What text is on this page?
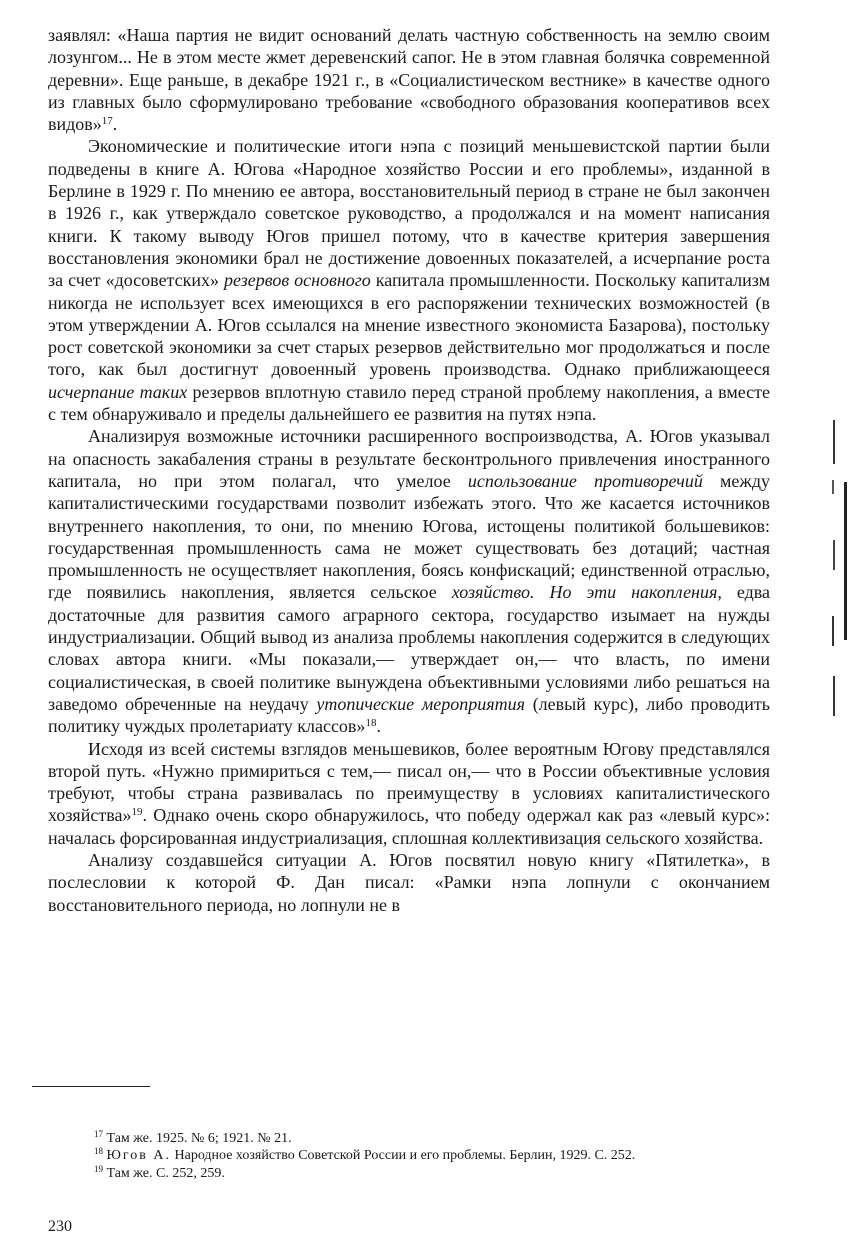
заявлял: «Наша партия не видит оснований делать частную собственность на землю своим лозунгом... Не в этом месте жмет деревенский сапог. Не в этом главная болячка современной деревни». Еще раньше, в декабре 1921 г., в «Социалистическом вестнике» в качестве одного из главных было сформулировано требование «свободного образования кооперативов всех видов»$^{17}$.

Экономические и политические итоги нэпа с позиций меньшевистской партии были подведены в книге А. Югова «Народное хозяйство России и его проблемы», изданной в Берлине в 1929 г. По мнению ее автора, восстановительный период в стране не был закончен в 1926 г., как утверждало советское руководство, а продолжался и на момент написания книги. К такому выводу Югов пришел потому, что в качестве критерия завершения восстановления экономики брал не достижение довоенных показателей, а исчерпание роста за счет «досоветских» резервов основного капитала промышленности. Поскольку капитализм никогда не использует всех имеющихся в его распоряжении технических возможностей (в этом утверждении А. Югов ссылался на мнение известного экономиста Базарова), постольку рост советской экономики за счет старых резервов действительно мог продолжаться и после того, как был достигнут довоенный уровень производства. Однако приближающееся исчерпание таких резервов вплотную ставило перед страной проблему накопления, а вместе с тем обнаруживало и пределы дальнейшего ее развития на путях нэпа.

Анализируя возможные источники расширенного воспроизводства, А. Югов указывал на опасность закабаления страны в результате бесконтрольного привлечения иностранного капитала, но при этом полагал, что умелое использование противоречий между капиталистическими государствами позволит избежать этого. Что же касается источников внутреннего накопления, то они, по мнению Югова, истощены политикой большевиков: государственная промышленность сама не может существовать без дотаций; частная промышленность не осуществляет накопления, боясь конфискаций; единственной отраслью, где появились накопления, является сельское хозяйство. Но эти накопления, едва достаточные для развития самого аграрного сектора, государство изымает на нужды индустриализации. Общий вывод из анализа проблемы накопления содержится в следующих словах автора книги. «Мы показали,— утверждает он,— что власть, по имени социалистическая, в своей политике вынуждена объективными условиями либо решаться на заведомо обреченные на неудачу утопические мероприятия (левый курс), либо проводить политику чуждых пролетариату классов»$^{18}$.

Исходя из всей системы взглядов меньшевиков, более вероятным Югову представлялся второй путь. «Нужно примириться с тем,— писал он,— что в России объективные условия требуют, чтобы страна развивалась по преимуществу в условиях капиталистического хозяйства»$^{19}$. Однако очень скоро обнаружилось, что победу одержал как раз «левый курс»: началась форсированная индустриализация, сплошная коллективизация сельского хозяйства.

Анализу создавшейся ситуации А. Югов посвятил новую книгу «Пятилетка», в послесловии к которой Ф. Дан писал: «Рамки нэпа лопнули с окончанием восстановительного периода, но лопнули не в

$^{17}$ Там же. 1925. № 6; 1921. № 21.

$^{18}$ Югов А. Народное хозяйство Советской России и его проблемы. Берлин, 1929. С. 252.

$^{19}$ Там же. С. 252, 259.

230
